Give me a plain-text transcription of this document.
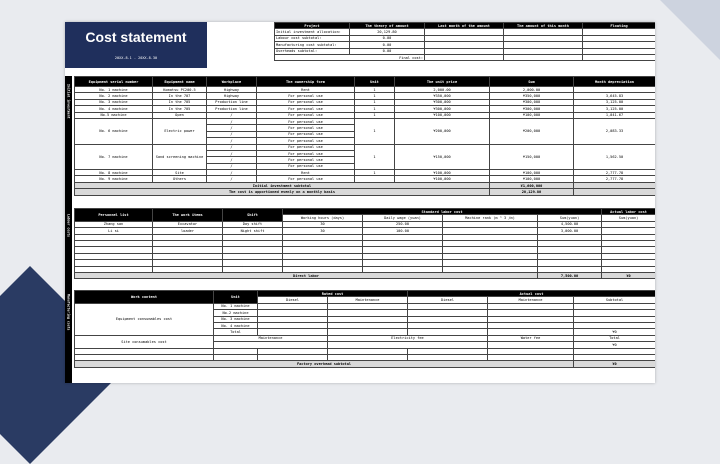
Cost statement
20XX.8.1 - 20XX.8.30
Project	The theory of amount	Last month of the amount	The amount of this month	Floating
Initial investment allocation:	20,129.80			
Labour cost subtotal:	0.00			
Manufacturing cost subtotal:	0.00			
Overheads subtotal:	0.00			
Final cost:				
Initial investment
Equipment serial number	Equipment name	Workplace	The ownership form	Unit	The unit price	Sum	Month depreciation
No. 1 machine	Komatsu PC200-5	Highway	Rent	1	2,000.00	2,000.00	
No. 2 machine	In the 707	Highway	For personal use	1	¥350,000	¥350,000	3,645.83
No. 3 machine	In the 705	Production line	For personal use	1	¥300,000	¥300,000	3,125.00
No. 4 machine	In the 705	Production line	For personal use	1	¥300,000	¥300,000	3,125.00
No.5 machine	Open	/	For personal use	1	¥100,000	¥100,000	1,041.67
No. 6 machine	Electric power	/	For personal use	1	¥200,000	¥200,000	2,083.33
		/	For personal use				
		/	For personal use				
		/	For personal use				
No. 7 machine	Sand screening machine	/	For personal use	1	¥150,000	¥150,000	1,562.50
		/	For personal use				
		/	For personal use				
		/	For personal use				
No. 8 machine	Site	/	Rent	1	¥100,000	¥100,000	2,777.78
No. 9 machine	Others	/	For personal use		¥100,000	¥100,000	2,777.78
Initial investment subtotal						¥1,600,000	
The cost is apportioned evenly on a monthly basis						20,129.80	
Labour costs	Personnel list	The work items	Shift	Standard labor cost				Actual labor cost
			Working hours (days)	Daily wage (yuan)	Machine rank (m ^ 3 /m)	Sum(yuan)	Sum(yuan)
Zhang san	Excavator	Day shift	30	250.00		4,500.00	
Li si	loader	Night shift	30	100.00		3,000.00	

Direct labor						7,500.00	¥0
Manufacturing costs	Work content	Unit	Rated cost		Actual cost		
		Diesel	Maintenance	Diesel	Maintenance	Subtotal
Equipment consumables cost	No. 1 machine					
	No.2 machine					
	No. 3 machine					
	No. 4 machine					
	Total					¥0
Site consumables cost	Maintenance		Electricity fee		Water fee	Total
						¥0

Factory overhead subtotal						¥0
